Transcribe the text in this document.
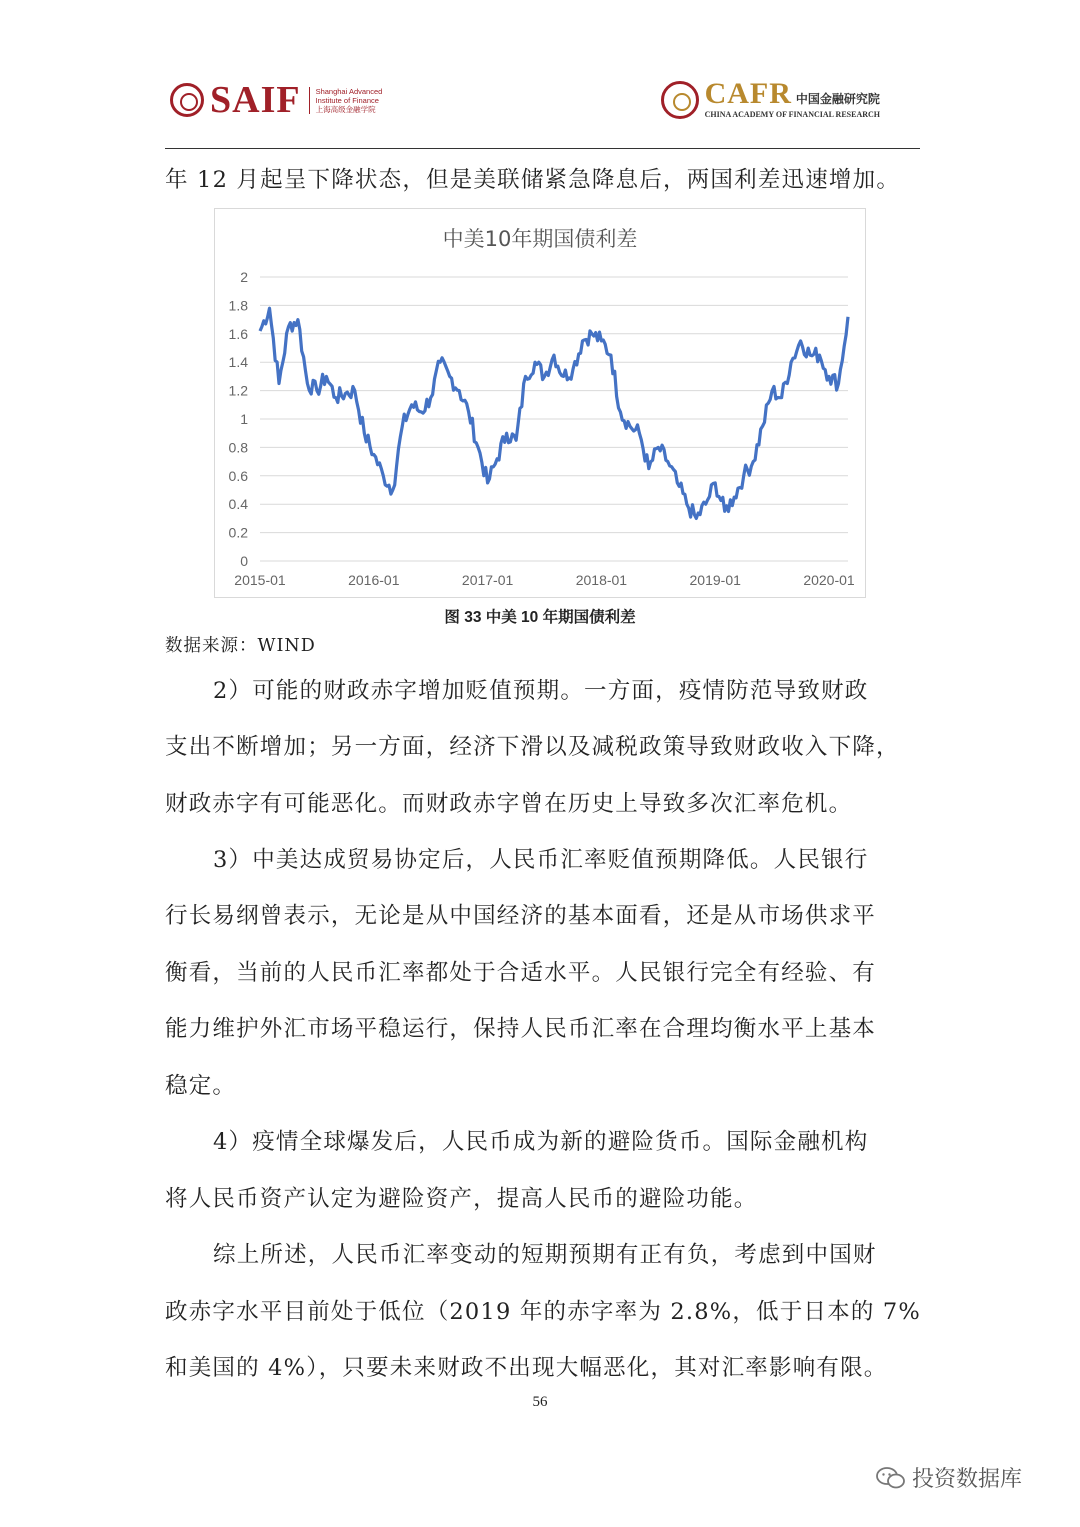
SAIF Shanghai Advanced
Institute of Finance
上海高级金融学院	CAFR 中国金融研究院
CHINA ACADEMY OF FINANCIAL RESEARCH

年 12 月起呈下降状态，但是美联储紧急降息后，两国利差迅速增加。

中美10年期国债利差
0
0.2
0.4
0.6
0.8
1
1.2
1.4
1.6
1.8
2
2015-01	2016-01	2017-01	2018-01	2019-01	2020-01
图 33 中美 10 年期国债利差
数据来源：WIND

2）可能的财政赤字增加贬值预期。一方面，疫情防范导致财政

支出不断增加；另一方面，经济下滑以及减税政策导致财政收入下降，

财政赤字有可能恶化。而财政赤字曾在历史上导致多次汇率危机。

3）中美达成贸易协定后，人民币汇率贬值预期降低。人民银行

行长易纲曾表示，无论是从中国经济的基本面看，还是从市场供求平

衡看，当前的人民币汇率都处于合适水平。人民银行完全有经验、有

能力维护外汇市场平稳运行，保持人民币汇率在合理均衡水平上基本

稳定。

4）疫情全球爆发后，人民币成为新的避险货币。国际金融机构

将人民币资产认定为避险资产，提高人民币的避险功能。

综上所述，人民币汇率变动的短期预期有正有负，考虑到中国财

政赤字水平目前处于低位（2019 年的赤字率为 2.8%，低于日本的 7%

和美国的 4%），只要未来财政不出现大幅恶化，其对汇率影响有限。

56
投资数据库
